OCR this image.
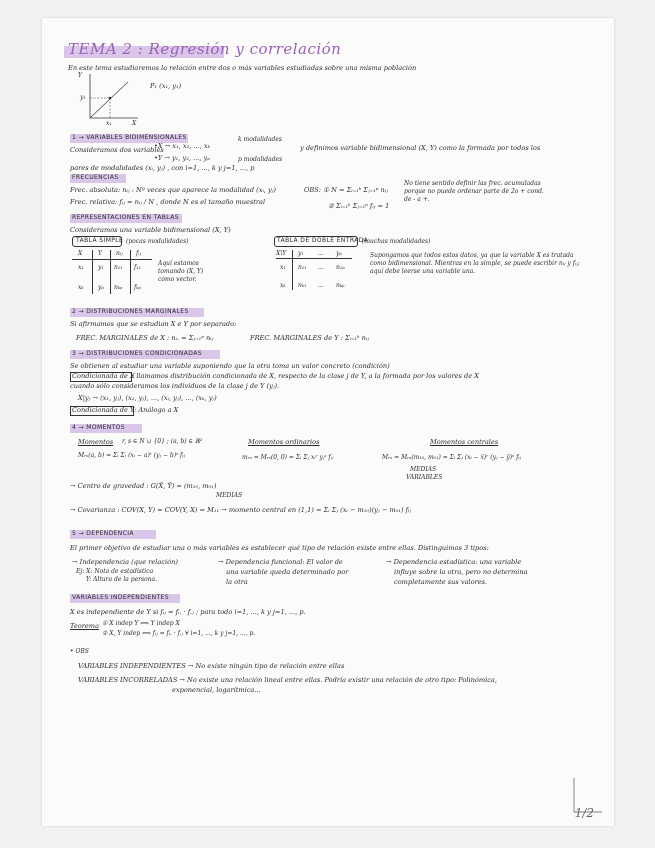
TEMA 2 : Regresión y correlación
En este tema estudiaremos la relación entre dos o más variables estudiadas sobre una misma población
Y
X
y₁
x₁
P₁ (x₁, y₁)
1 → VARIABLES BIDIMENSIONALES
Consideramos dos variables
•X → x₁, x₂, ..., xₖ
k modalidades
y definimos variable bidimensional (X, Y) como la formada por todos los
•Y → y₁, y₂, ..., yₚ	p modalidades
pares de modalidades (xᵢ, yⱼ) , con i=1, ..., k y j=1, ..., p
FRECUENCIAS
Frec. absoluta: nᵢⱼ : Nº veces que aparece la modalidad (xᵢ, yⱼ)
Frec. relativa: fᵢⱼ = nᵢⱼ / N , donde N es el tamaño muestral
OBS: ① N = Σᵢ₌₁ᵏ Σⱼ₌₁ᵖ nᵢⱼ
② Σᵢ₌₁ᵏ Σⱼ₌₁ᵖ fᵢⱼ = 1
No tiene sentido definir las frec. acumuladas
porque no puede ordenar parte de 2o + cond.
de - a +.
REPRESENTACIONES EN TABLAS
Consideramos una variable bidimensional (X, Y)
TABLA SIMPLE (pocas modalidades)
X	Y nᵢⱼ fᵢⱼ
x₁ y₁ n₁₁ f₁₁
xₖ yₚ nₖₚ fₖₚ
Aquí estamos
tomando (X, Y)
como vector.
TABLA DE DOBLE ENTRADA
(muchas modalidades)
X\Y y₁ ... yₚ
x₁ n₁₁ ... n₁ₚ
xₖ nₖ₁ ... nₖₚ
Supongamos que todos estos datos, ya que la variable X es tratada
como bidimensional. Mientras en la simple, se puede escribir nᵢⱼ y fᵢⱼ;
aquí debe leerse una variable una.
2 → DISTRIBUCIONES MARGINALES
Si afirmamos que se estudian X e Y por separado:
FREC. MARGINALES de X : nᵢ. = Σⱼ₌₁ᵖ nᵢⱼ	FREC. MARGINALES de Y : Σᵢ₌₁ᵏ nᵢⱼ
3 → DISTRIBUCIONES CONDICIONADAS
Se obtienen al estudiar una variable suponiendo que la otra toma un valor concreto (condición)
Condicionada de X
: llamamos distribución condicionada de X, respecto de la clase j de Y, a la formada por los valores de X
cuando sólo consideramos los individuos de la clase j de Y (yⱼ).
X|yⱼ → (x₁, yⱼ), (x₂, yⱼ), ..., (xᵢ, yⱼ), ..., (xₖ, yⱼ)
Condicionada de Y : Análogo a X
4 → MOMENTOS
Momentos r, s ∈ N ∪ {0} ; (a, b) ∈ ℝ²
Mᵣₛ(a, b) = Σᵢ Σⱼ (xᵢ − a)ʳ (yⱼ − b)ˢ fᵢⱼ
Momentos ordinarios
mᵣₛ = Mᵣₛ(0, 0) = Σᵢ Σⱼ xᵢʳ yⱼˢ fᵢⱼ
Momentos centrales
Mᵣₛ = Mᵣₛ(m₁₀, m₀₁) = Σᵢ Σⱼ (xᵢ − x̄)ʳ (yⱼ − ȳ)ˢ fᵢⱼ
MEDIAS
VARIABLES
→ Centro de gravedad : G(X̄, Ȳ) = (m₁₀, m₀₁)
MEDIAS
→ Covarianza : COV(X, Y) = COV(Y, X) = M₁₁ → momento central en (1,1) = Σᵢ Σⱼ (xᵢ − m₁₀)(yⱼ − m₀₁) fᵢⱼ
5 → DEPENDENCIA
El primer objetivo de estudiar una o más variables es establecer qué tipo de relación existe entre ellas. Distinguimos 3 tipos:
→ Independencia (que relación)
Ej: X: Nota de estadística
Y: Altura de la persona.
→ Dependencia funcional: El valor de
una variable queda determinado por
la otra
→ Dependencia estadística: una variable
influye sobre la otra, pero no determina
completamente sus valores.
VARIABLES INDEPENDIENTES
X es independiente de Y si fᵢⱼ = fᵢ. · f.ⱼ ; para todo i=1, ..., k y j=1, ..., p.
Teorema ① X indep Y ⟺ Y indep X
② X, Y indep ⟺ fᵢⱼ = fᵢ. · f.ⱼ ∀ i=1, ..., k y j=1, ..., p.
• OBS
VARIABLES INDEPENDIENTES → No existe ningún tipo de relación entre ellas
VARIABLES INCORRELADAS → No existe una relación lineal entre ellas. Podría existir una relación de otro tipo: Polinómica,
exponencial, logarítmica...
1/2
